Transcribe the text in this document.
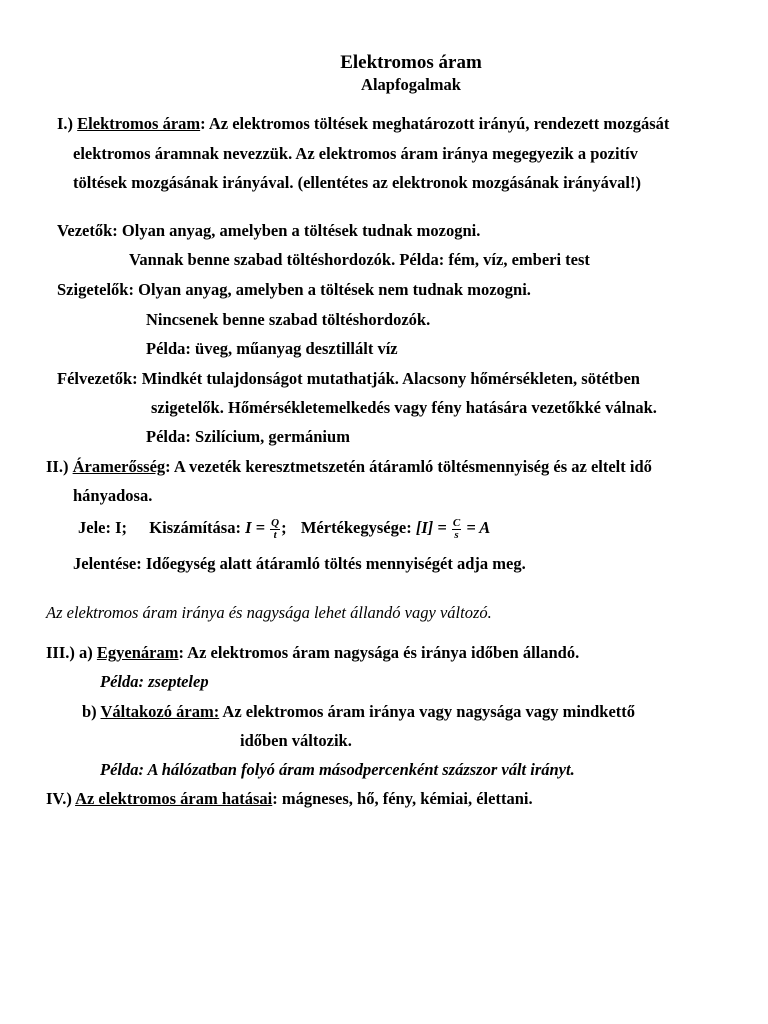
Elektromos áram
Alapfogalmak
I.) Elektromos áram: Az elektromos töltések meghatározott irányú, rendezett mozgását
elektromos áramnak nevezzük. Az elektromos áram iránya megegyezik a pozitív
töltések mozgásának irányával. (ellentétes az elektronok mozgásának irányával!)
Vezetők: Olyan anyag, amelyben a töltések tudnak mozogni.
Vannak benne szabad töltéshordozók. Példa: fém, víz, emberi test
Szigetelők: Olyan anyag, amelyben a töltések nem tudnak mozogni.
Nincsenek benne szabad töltéshordozók.
Példa: üveg, műanyag desztillált víz
Félvezetők: Mindkét tulajdonságot mutathatják. Alacsony hőmérsékleten, sötétben
szigetelők. Hőmérsékletemelkedés vagy fény hatására vezetőkké válnak.
Példa: Szilícium, germánium
II.) Áramerősség: A vezeték keresztmetszetén átáramló töltésmennyiség és az eltelt idő
hányadosa.
Jele: I; Kiszámítása: $I = \frac{Q}{t}$ ; Mértékegysége: $[I] = \frac{C}{s} = A$
Jelentése: Időegység alatt átáramló töltés mennyiségét adja meg.
Az elektromos áram iránya és nagysága lehet állandó vagy változó.
III.) a) Egyenáram: Az elektromos áram nagysága és iránya időben állandó.
Példa: zseptelep
b) Váltakozó áram: Az elektromos áram iránya vagy nagysága vagy mindkettő
időben változik.
Példa: A hálózatban folyó áram másodpercenként százszor vált irányt.
IV.) Az elektromos áram hatásai: mágneses, hő, fény, kémiai, élettani.
